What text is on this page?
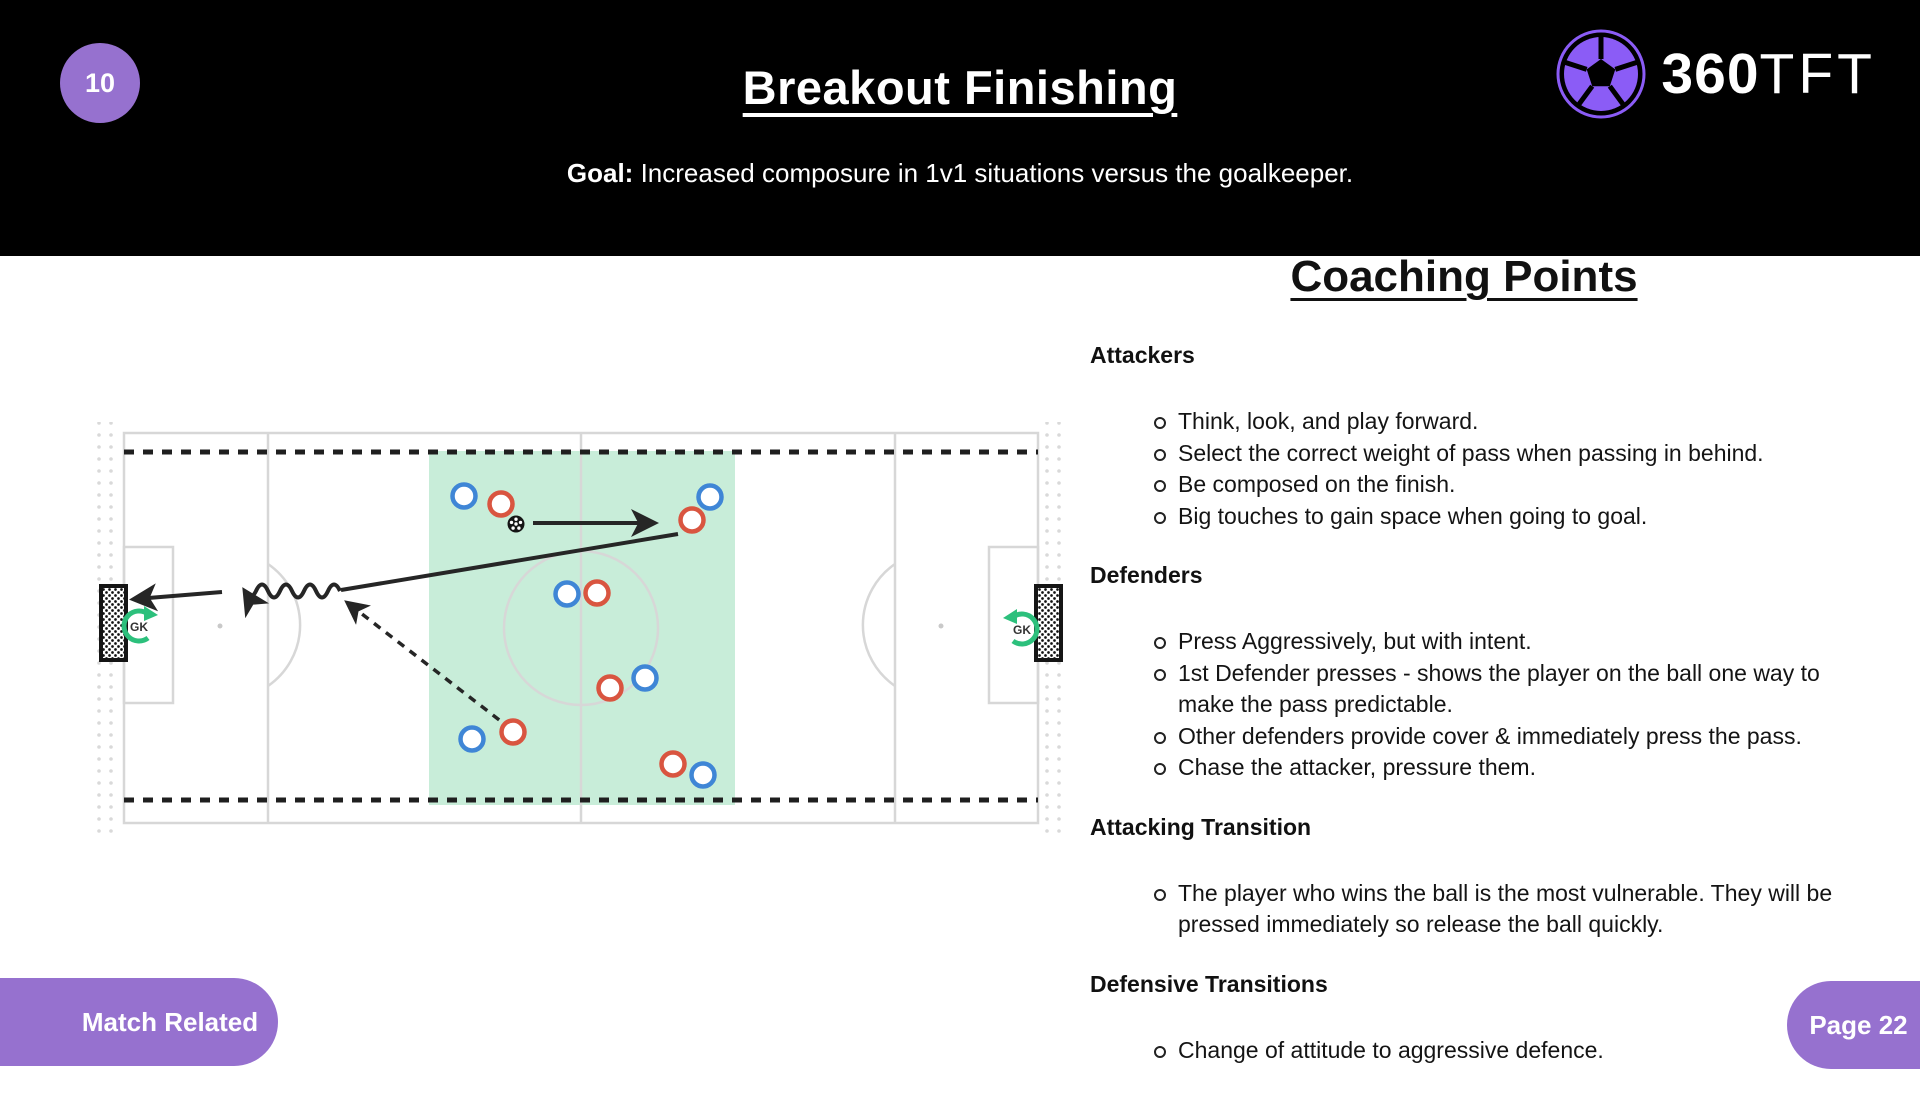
10	Breakout Finishing
Goal: Increased composure in 1v1 situations versus the goalkeeper.
360TFT
GK	GK
Coaching Points
Attackers
Think, look, and play forward.
Select the correct weight of pass when passing in behind.
Be composed on the finish.
Big touches to gain space when going to goal.
Defenders
Press Aggressively, but with intent.
1st Defender presses - shows the player on the ball one way to make the pass predictable.
Other defenders provide cover & immediately press the pass.
Chase the attacker, pressure them.
Attacking Transition
The player who wins the ball is the most vulnerable. They will be pressed immediately so release the ball quickly.
Defensive Transitions
Change of attitude to aggressive defence.
Match Related	Page 22
